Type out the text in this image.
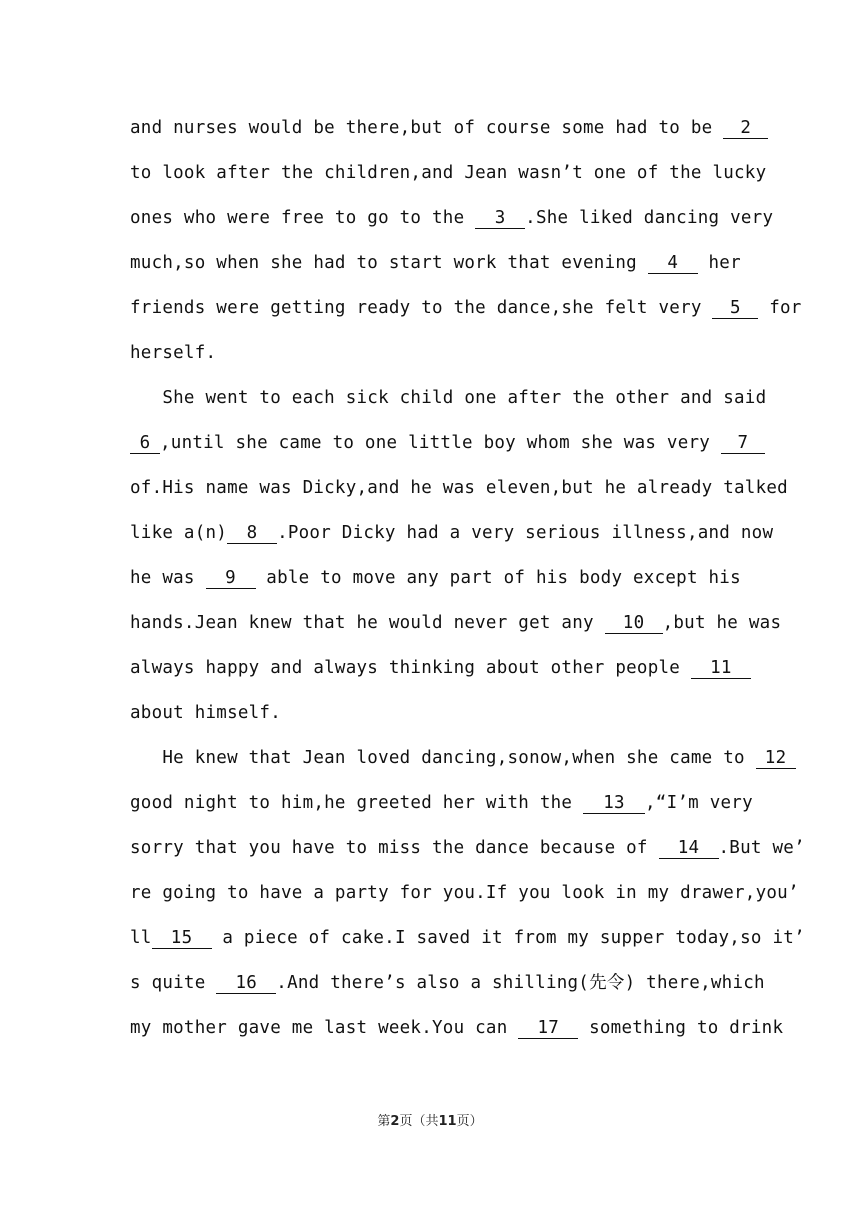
and nurses would be there,but of course some had to be 2
to look after the children,and Jean wasn’t one of the lucky
ones who were free to go to the 3 .She liked dancing very
much,so when she had to start work that evening 4 her
friends were getting ready to the dance,she felt very 5 for
herself.
She went to each sick child one after the other and said
6 ,until she came to one little boy whom she was very 7
of.His name was Dicky,and he was eleven,but he already talked
like a(n) 8 .Poor Dicky had a very serious illness,and now
he was 9 able to move any part of his body except his
hands.Jean knew that he would never get any 10 ,but he was
always happy and always thinking about other people 11
about himself.
He knew that Jean loved dancing,sonow,when she came to 12
good night to him,he greeted her with the 13 ,“I’m very
sorry that you have to miss the dance because of 14 .But we’
re going to have a party for you.If you look in my drawer,you’
ll 15 a piece of cake.I saved it from my supper today,so it’
s quite 16 .And there’s also a shilling(先令) there,which
my mother gave me last week.You can 17 something to drink
第2页（共11页）
